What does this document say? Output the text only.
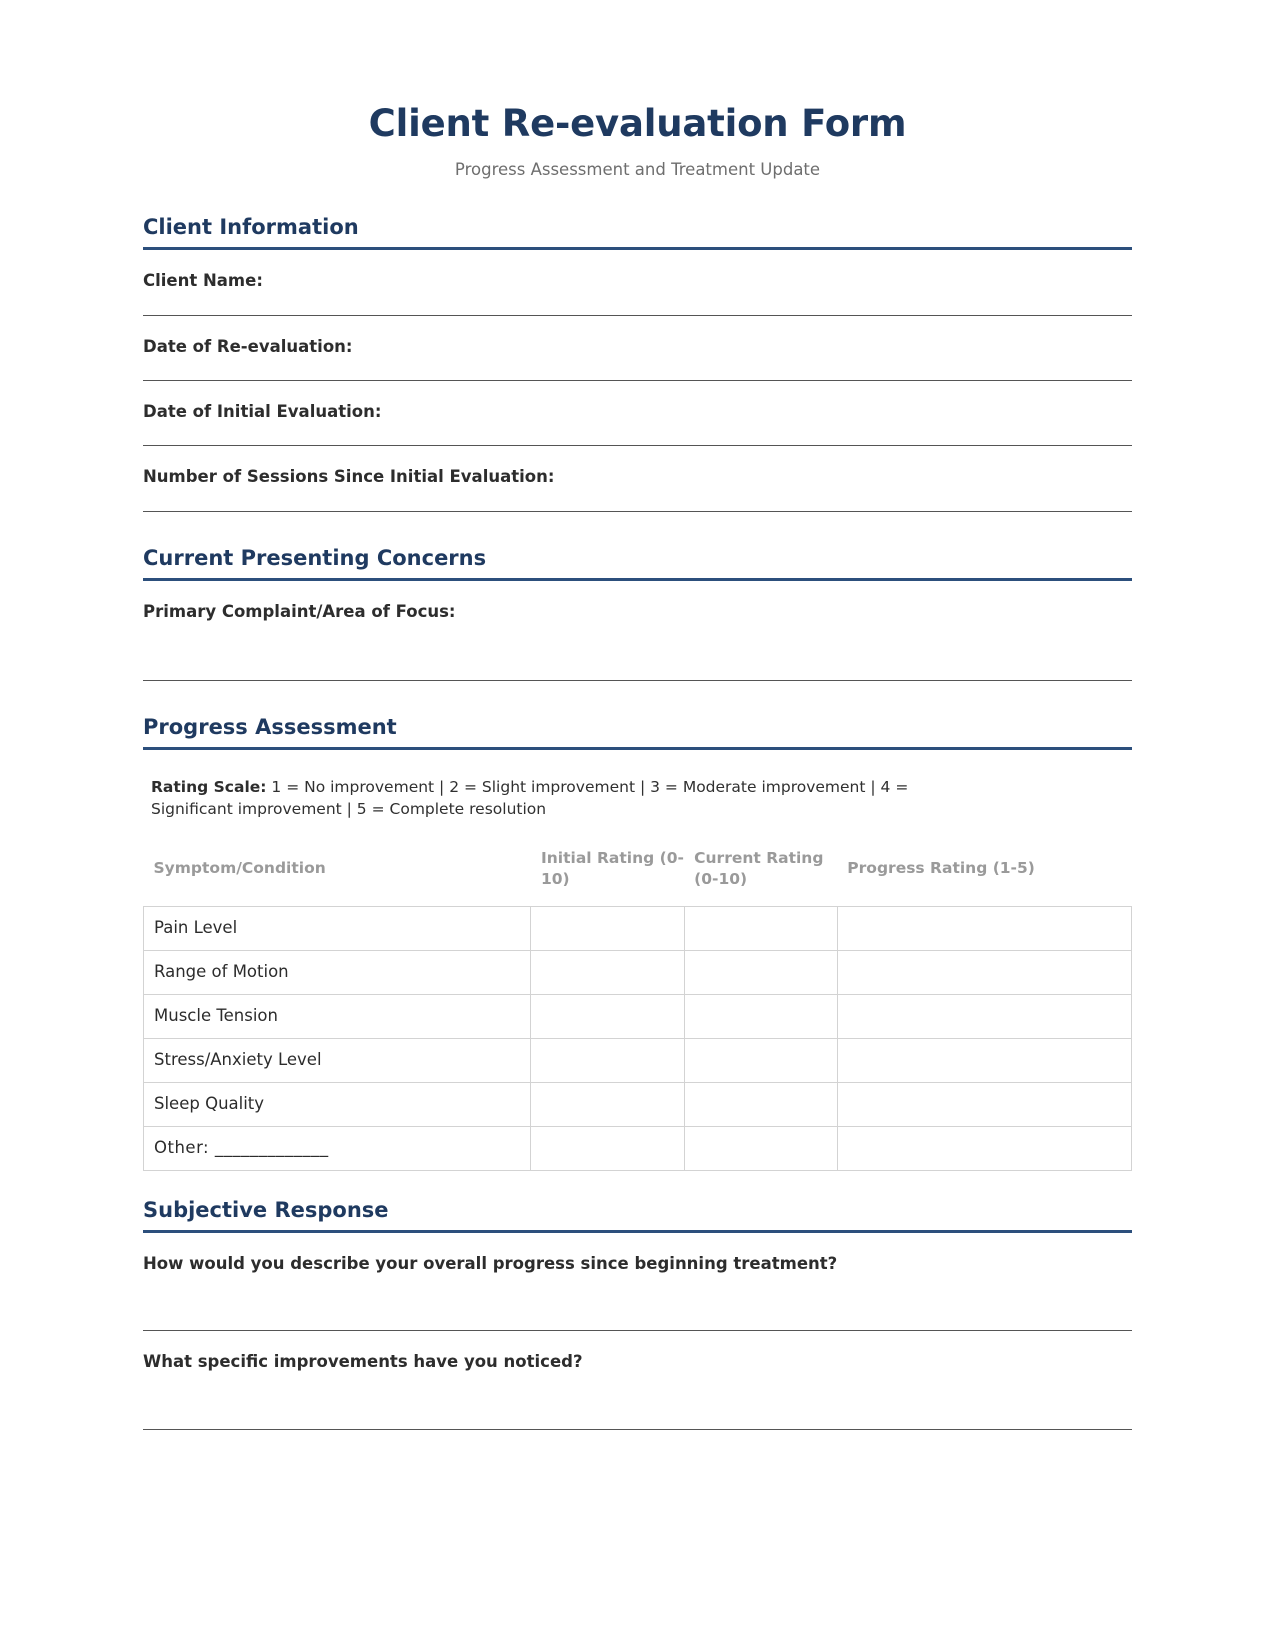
Client Re-evaluation Form
Progress Assessment and Treatment Update
Client Information
Client Name:
Date of Re-evaluation:
Date of Initial Evaluation:
Number of Sessions Since Initial Evaluation:
Current Presenting Concerns
Primary Complaint/Area of Focus:
Progress Assessment
Rating Scale: 1 = No improvement | 2 = Slight improvement | 3 = Moderate improvement | 4 = Significant improvement | 5 = Complete resolution
Symptom/Condition	Initial Rating (0-10)	Current Rating (0-10)	Progress Rating (1-5)
Pain Level			
Range of Motion			
Muscle Tension			
Stress/Anxiety Level			
Sleep Quality			
Other: _____________			
Subjective Response
How would you describe your overall progress since beginning treatment?
What specific improvements have you noticed?
